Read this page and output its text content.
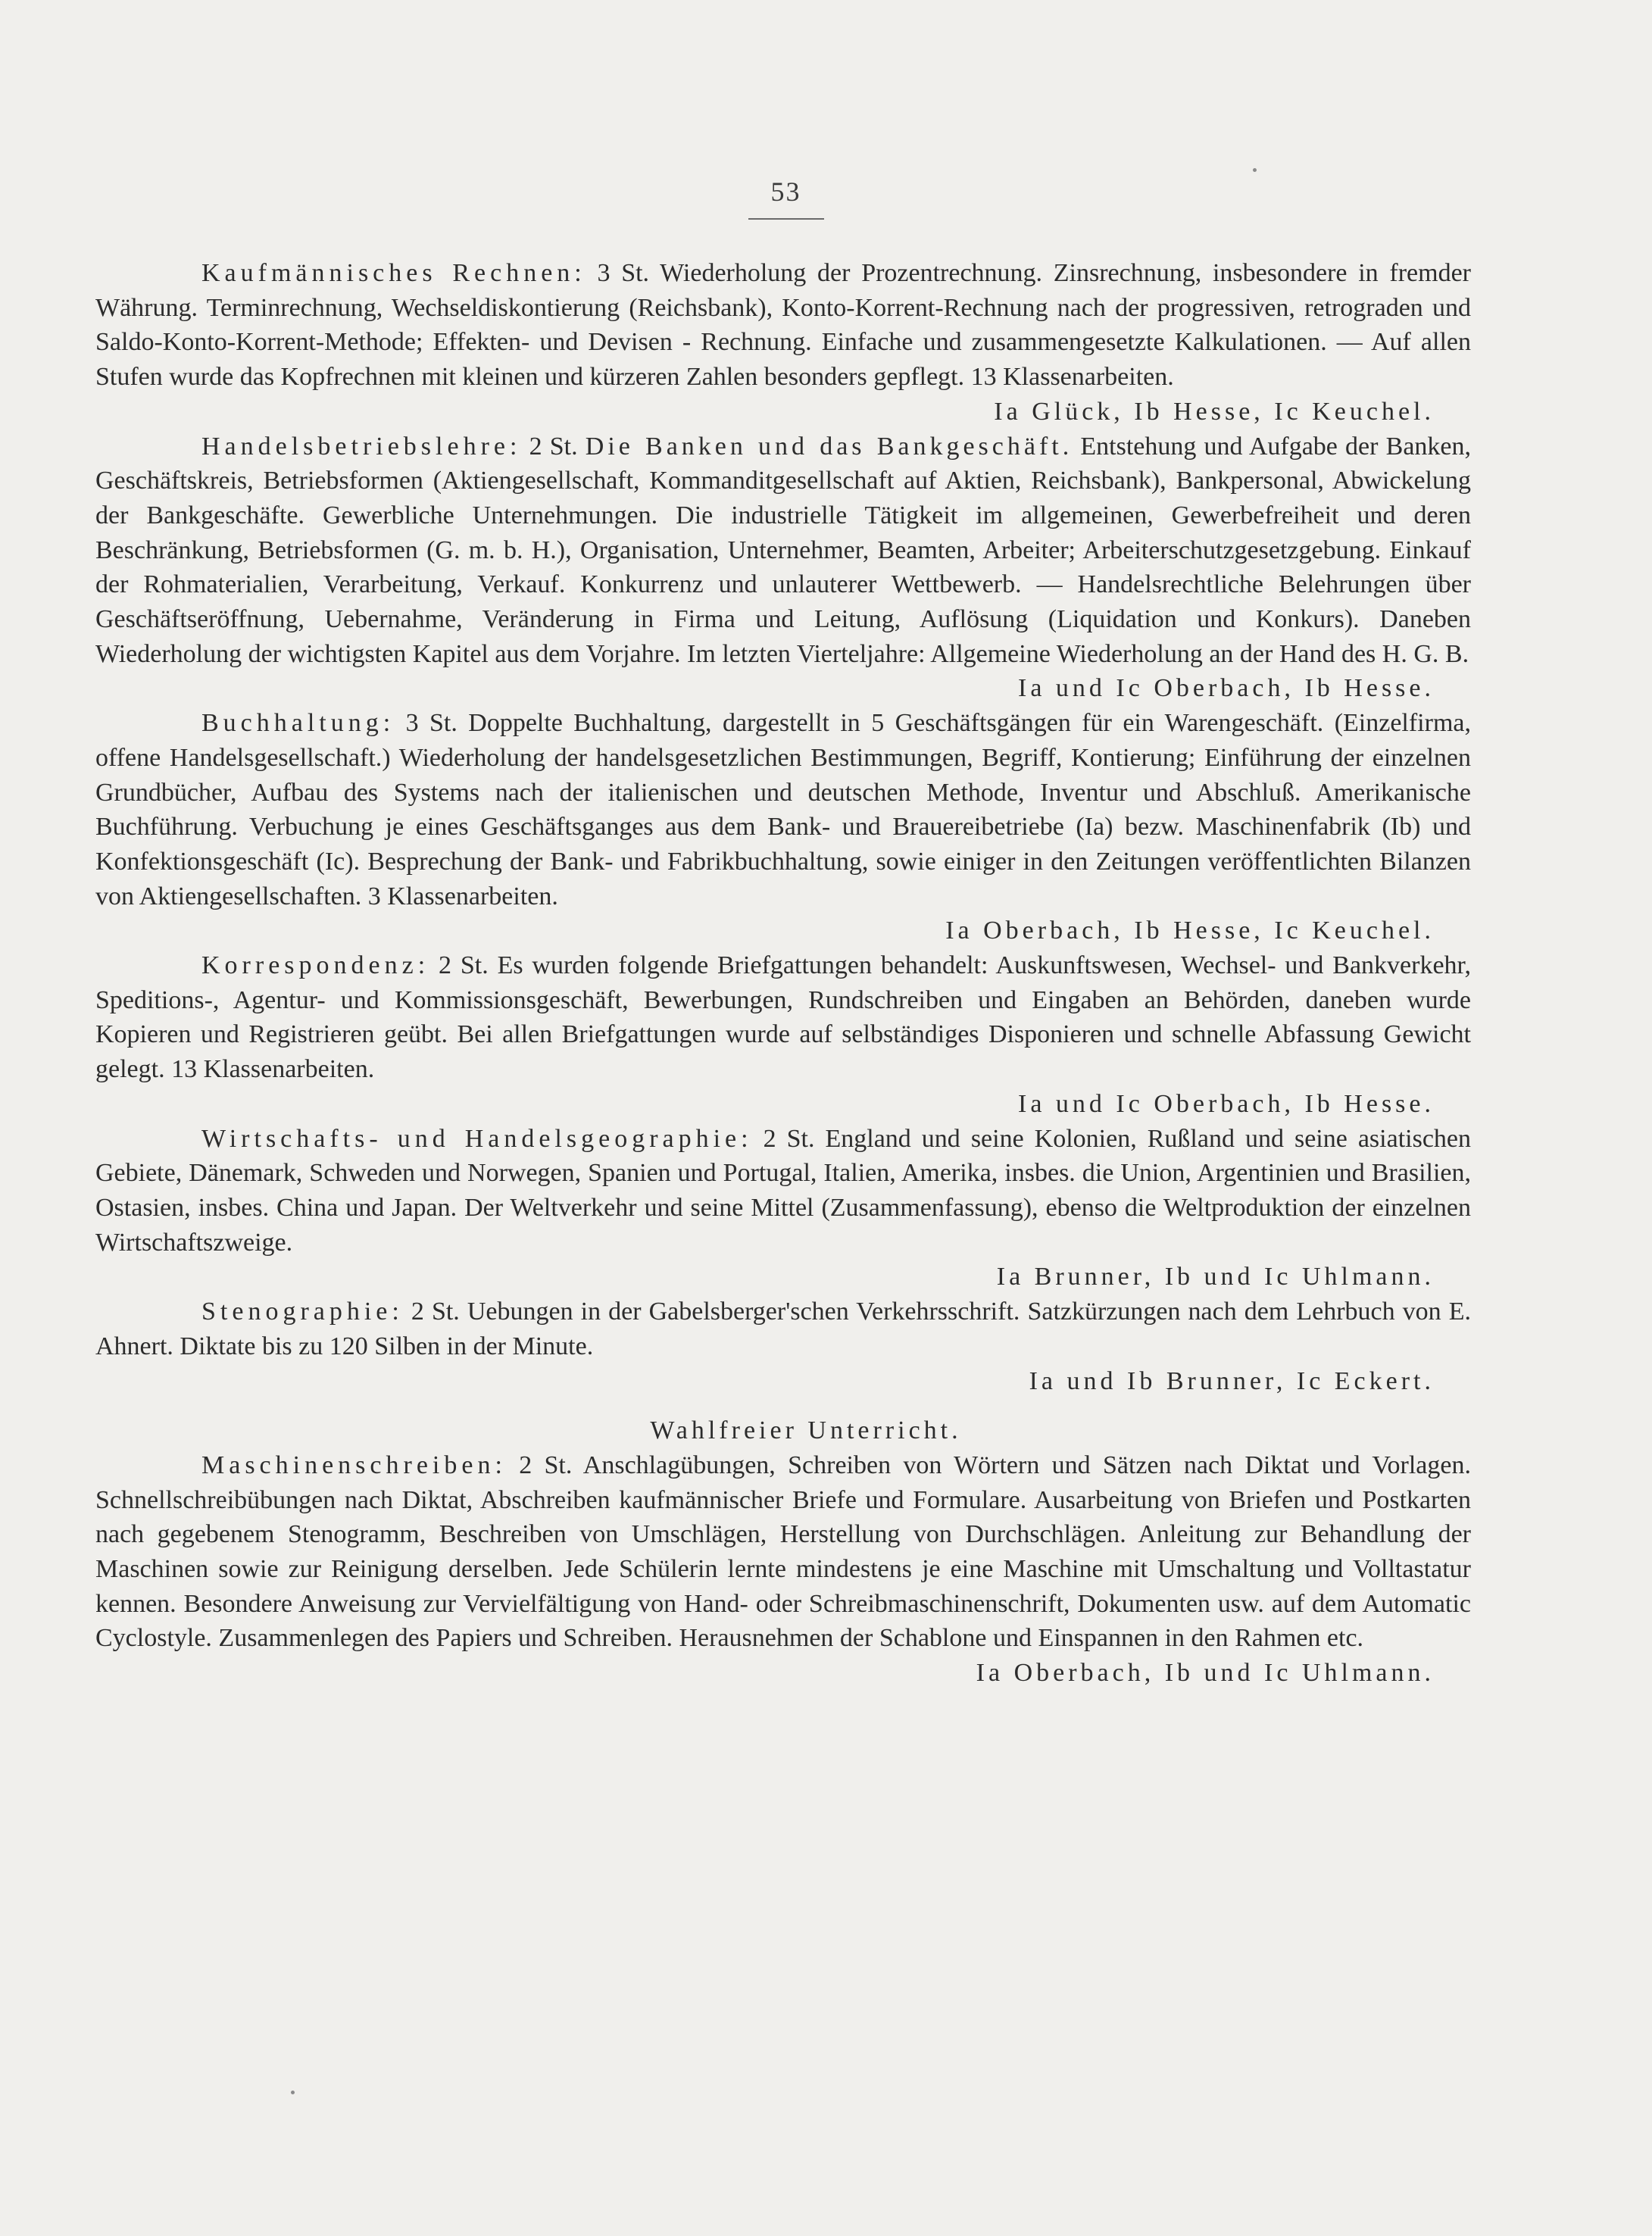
53

Kaufmännisches Rechnen: 3 St. Wiederholung der Prozentrechnung. Zinsrechnung, insbesondere in fremder Währung. Terminrechnung, Wechseldiskontierung (Reichsbank), Konto-Korrent-Rechnung nach der progressiven, retrograden und Saldo-Konto-Korrent-Methode; Effekten- und Devisen - Rechnung. Einfache und zusammengesetzte Kalkulationen. — Auf allen Stufen wurde das Kopfrechnen mit kleinen und kürzeren Zahlen besonders gepflegt. 13 Klassenarbeiten.

Ia Glück, Ib Hesse, Ic Keuchel.

Handelsbetriebslehre: 2 St. Die Banken und das Bankgeschäft. Entstehung und Aufgabe der Banken, Geschäftskreis, Betriebsformen (Aktiengesellschaft, Kommanditgesellschaft auf Aktien, Reichsbank), Bankpersonal, Abwickelung der Bankgeschäfte. Gewerbliche Unternehmungen. Die industrielle Tätigkeit im allgemeinen, Gewerbefreiheit und deren Beschränkung, Betriebsformen (G. m. b. H.), Organisation, Unternehmer, Beamten, Arbeiter; Arbeiterschutzgesetzgebung. Einkauf der Rohmaterialien, Verarbeitung, Verkauf. Konkurrenz und unlauterer Wettbewerb. — Handelsrechtliche Belehrungen über Geschäftseröffnung, Uebernahme, Veränderung in Firma und Leitung, Auflösung (Liquidation und Konkurs). Daneben Wiederholung der wichtigsten Kapitel aus dem Vorjahre. Im letzten Vierteljahre: Allgemeine Wiederholung an der Hand des H. G. B.

Ia und Ic Oberbach, Ib Hesse.

Buchhaltung: 3 St. Doppelte Buchhaltung, dargestellt in 5 Geschäftsgängen für ein Warengeschäft. (Einzelfirma, offene Handelsgesellschaft.) Wiederholung der handelsgesetzlichen Bestimmungen, Begriff, Kontierung; Einführung der einzelnen Grundbücher, Aufbau des Systems nach der italienischen und deutschen Methode, Inventur und Abschluß. Amerikanische Buchführung. Verbuchung je eines Geschäftsganges aus dem Bank- und Brauereibetriebe (Ia) bezw. Maschinenfabrik (Ib) und Konfektionsgeschäft (Ic). Besprechung der Bank- und Fabrikbuchhaltung, sowie einiger in den Zeitungen veröffentlichten Bilanzen von Aktiengesellschaften. 3 Klassenarbeiten.

Ia Oberbach, Ib Hesse, Ic Keuchel.

Korrespondenz: 2 St. Es wurden folgende Briefgattungen behandelt: Auskunftswesen, Wechsel- und Bankverkehr, Speditions-, Agentur- und Kommissionsgeschäft, Bewerbungen, Rundschreiben und Eingaben an Behörden, daneben wurde Kopieren und Registrieren geübt. Bei allen Briefgattungen wurde auf selbständiges Disponieren und schnelle Abfassung Gewicht gelegt. 13 Klassenarbeiten.

Ia und Ic Oberbach, Ib Hesse.

Wirtschafts- und Handelsgeographie: 2 St. England und seine Kolonien, Rußland und seine asiatischen Gebiete, Dänemark, Schweden und Norwegen, Spanien und Portugal, Italien, Amerika, insbes. die Union, Argentinien und Brasilien, Ostasien, insbes. China und Japan. Der Weltverkehr und seine Mittel (Zusammenfassung), ebenso die Weltproduktion der einzelnen Wirtschaftszweige.

Ia Brunner, Ib und Ic Uhlmann.

Stenographie: 2 St. Uebungen in der Gabelsberger'schen Verkehrsschrift. Satzkürzungen nach dem Lehrbuch von E. Ahnert. Diktate bis zu 120 Silben in der Minute.

Ia und Ib Brunner, Ic Eckert.

Wahlfreier Unterricht.

Maschinenschreiben: 2 St. Anschlagübungen, Schreiben von Wörtern und Sätzen nach Diktat und Vorlagen. Schnellschreibübungen nach Diktat, Abschreiben kaufmännischer Briefe und Formulare. Ausarbeitung von Briefen und Postkarten nach gegebenem Stenogramm, Beschreiben von Umschlägen, Herstellung von Durchschlägen. Anleitung zur Behandlung der Maschinen sowie zur Reinigung derselben. Jede Schülerin lernte mindestens je eine Maschine mit Umschaltung und Volltastatur kennen. Besondere Anweisung zur Vervielfältigung von Hand- oder Schreibmaschinenschrift, Dokumenten usw. auf dem Automatic Cyclostyle. Zusammenlegen des Papiers und Schreiben. Herausnehmen der Schablone und Einspannen in den Rahmen etc.

Ia Oberbach, Ib und Ic Uhlmann.
